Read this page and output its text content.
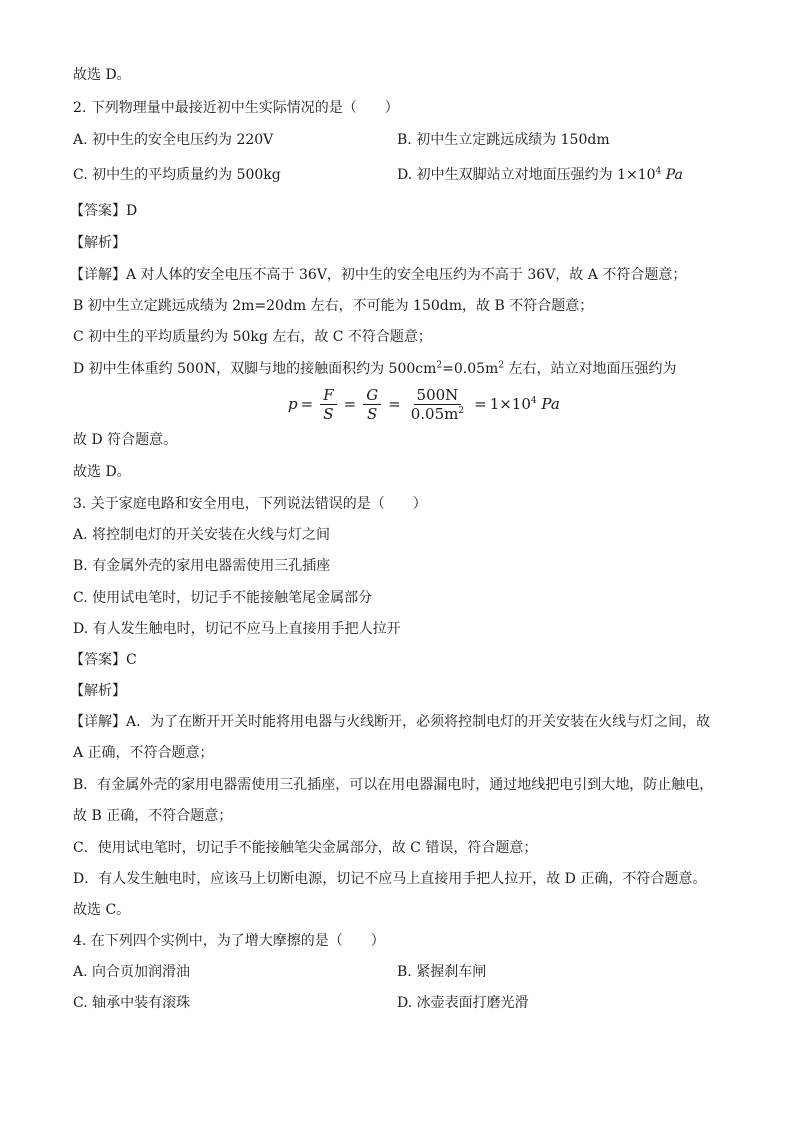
故选 D。
2. 下列物理量中最接近初中生实际情况的是（　　）
A. 初中生的安全电压约为 220V	B. 初中生立定跳远成绩为 150dm
C. 初中生的平均质量约为 500kg	D. 初中生双脚站立对地面压强约为 $1\times 10^4$ Pa
【答案】D
【解析】
【详解】A 对人体的安全电压不高于 36V，初中生的安全电压约为不高于 36V，故 A 不符合题意；
B 初中生立定跳远成绩为 2m=20dm 左右，不可能为 150dm，故 B 不符合题意；
C 初中生的平均质量约为 50kg 左右，故 C 不符合题意；
D 初中生体重约 500N，双脚与地的接触面积约为 $500cm^2=0.05m^2$ 左右，站立对地面压强约为
$p = \frac{F}{S} = \frac{G}{S} = \frac{500N}{0.05m^2} = 1\times 10^4$ Pa
故 D 符合题意。
故选 D。
3. 关于家庭电路和安全用电，下列说法错误的是（　　）
A. 将控制电灯的开关安装在火线与灯之间
B. 有金属外壳的家用电器需使用三孔插座
C. 使用试电笔时，切记手不能接触笔尾金属部分
D. 有人发生触电时，切记不应马上直接用手把人拉开
【答案】C
【解析】
【详解】A．为了在断开开关时能将用电器与火线断开，必须将控制电灯的开关安装在火线与灯之间，故
A 正确，不符合题意；
B．有金属外壳的家用电器需使用三孔插座，可以在用电器漏电时，通过地线把电引到大地，防止触电，
故 B 正确，不符合题意；
C．使用试电笔时，切记手不能接触笔尖金属部分，故 C 错误，符合题意；
D．有人发生触电时，应该马上切断电源，切记不应马上直接用手把人拉开，故 D 正确，不符合题意。
故选 C。
4. 在下列四个实例中，为了增大摩擦的是（　　）
A. 向合页加润滑油	B. 紧握刹车闸
C. 轴承中装有滚珠	D. 冰壶表面打磨光滑
